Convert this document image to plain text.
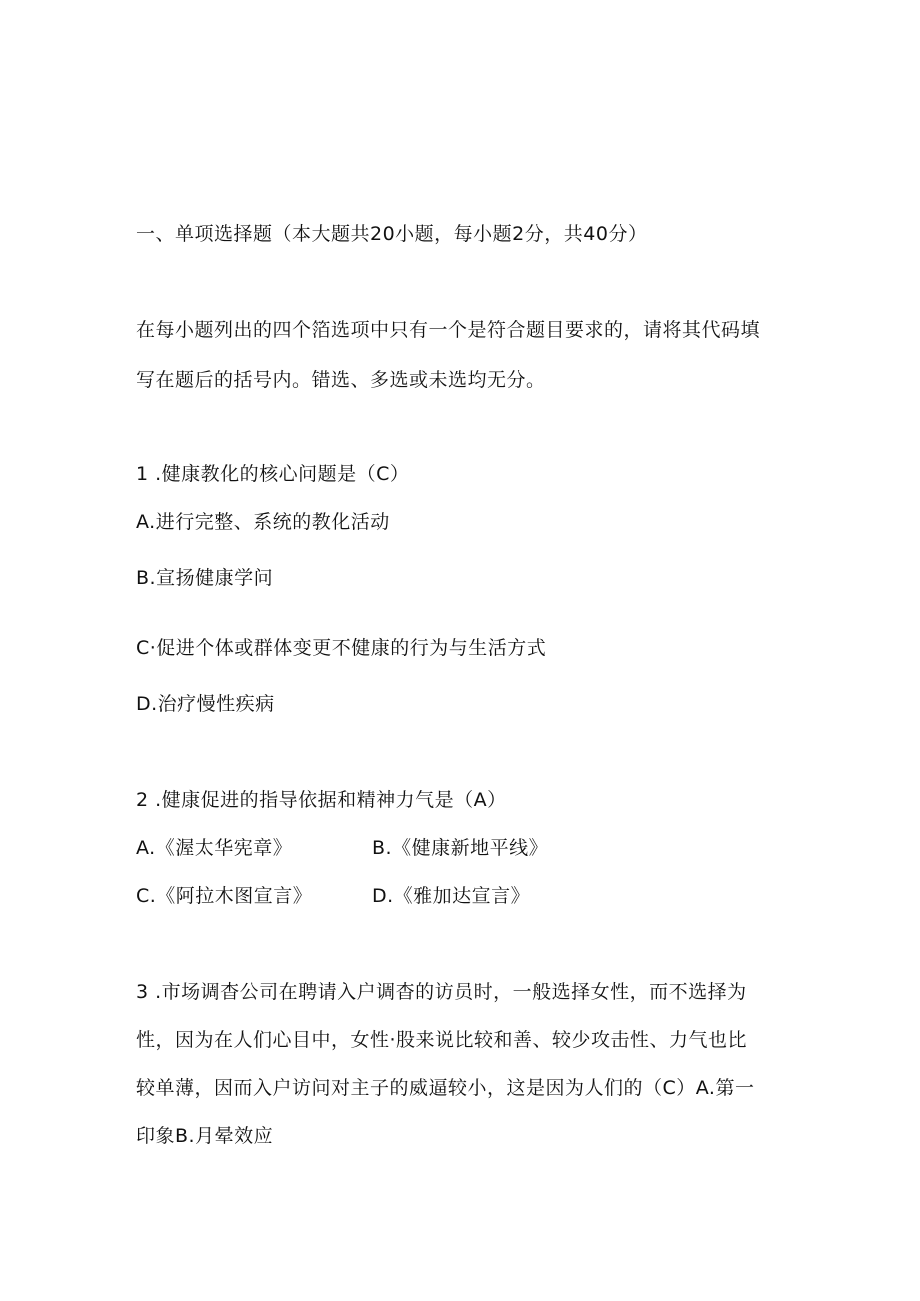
一、单项选择题（本大题共20小题，每小题2分，共40分）
在每小题列出的四个箔选项中只有一个是符合题目要求的，请将其代码填
写在题后的括号内。错选、多选或未选均无分。
1 .健康教化的核心问题是（C）
A.进行完整、系统的教化活动
B.宣扬健康学问
C·促进个体或群体变更不健康的行为与生活方式
D.治疗慢性疾病
2 .健康促进的指导依据和精神力气是（A）
A.《渥太华宪章》	B.《健康新地平线》
C.《阿拉木图宣言》	D.《雅加达宣言》
3 .市场调杳公司在聘请入户调杳的访员时，一般选择女性，而不选择为
性，因为在人们心目中，女性·股来说比较和善、较少攻击性、力气也比
较单薄，因而入户访问对主子的威逼较小，这是因为人们的（C）A.第一
印象B.月晕效应
